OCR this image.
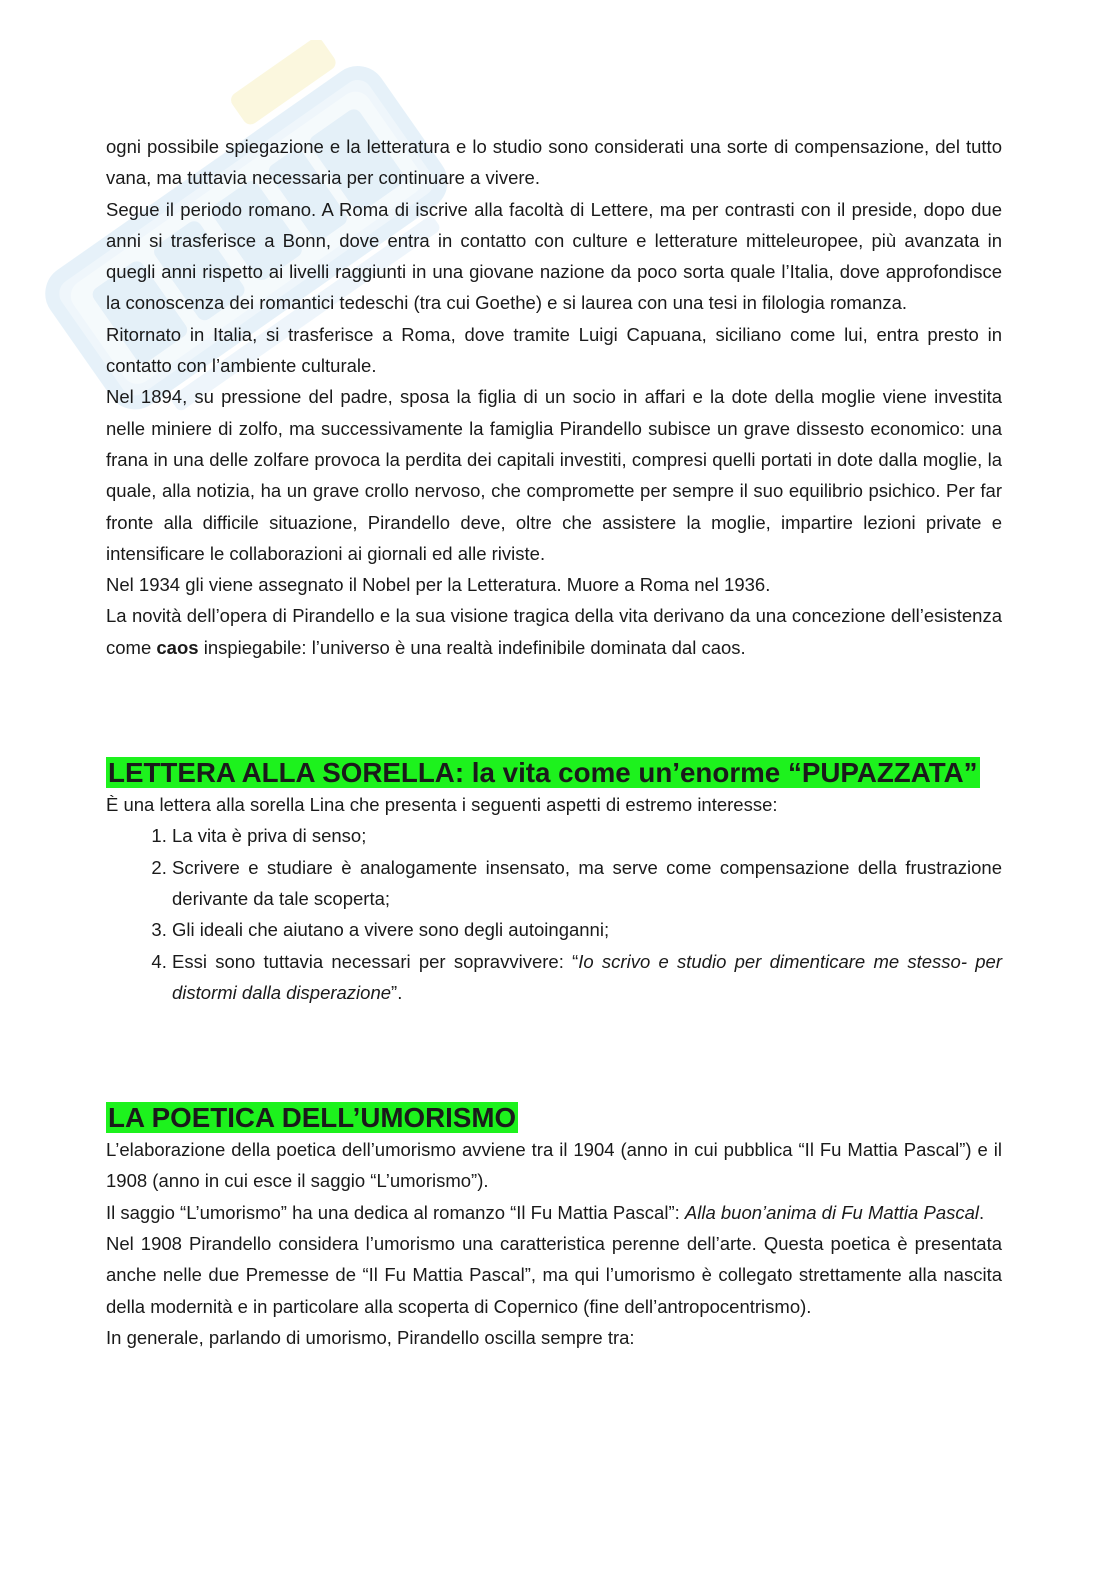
ogni possibile spiegazione e la letteratura e lo studio sono considerati una sorte di compensazione, del tutto vana, ma tuttavia necessaria per continuare a vivere.

Segue il periodo romano. A Roma di iscrive alla facoltà di Lettere, ma per contrasti con il preside, dopo due anni si trasferisce a Bonn, dove entra in contatto con culture e letterature mitteleuropee, più avanzata in quegli anni rispetto ai livelli raggiunti in una giovane nazione da poco sorta quale l’Italia, dove approfondisce la conoscenza dei romantici tedeschi (tra cui Goethe) e si laurea con una tesi in filologia romanza.

Ritornato in Italia, si trasferisce a Roma, dove tramite Luigi Capuana, siciliano come lui, entra presto in contatto con l’ambiente culturale.

Nel 1894, su pressione del padre, sposa la figlia di un socio in affari e la dote della moglie viene investita nelle miniere di zolfo, ma successivamente la famiglia Pirandello subisce un grave dissesto economico: una frana in una delle zolfare provoca la perdita dei capitali investiti, compresi quelli portati in dote dalla moglie, la quale, alla notizia, ha un grave crollo nervoso, che compromette per sempre il suo equilibrio psichico. Per far fronte alla difficile situazione, Pirandello deve, oltre che assistere la moglie, impartire lezioni private e intensificare le collaborazioni ai giornali ed alle riviste.

Nel 1934 gli viene assegnato il Nobel per la Letteratura. Muore a Roma nel 1936.

La novità dell’opera di Pirandello e la sua visione tragica della vita derivano da una concezione dell’esistenza come caos inspiegabile: l’universo è una realtà indefinibile dominata dal caos.

LETTERA ALLA SORELLA: la vita come un’enorme “PUPAZZATA”

È una lettera alla sorella Lina che presenta i seguenti aspetti di estremo interesse:

1. La vita è priva di senso;
2. Scrivere e studiare è analogamente insensato, ma serve come compensazione della frustrazione derivante da tale scoperta;
3. Gli ideali che aiutano a vivere sono degli autoinganni;
4. Essi sono tuttavia necessari per sopravvivere: “Io scrivo e studio per dimenticare me stesso- per distormi dalla disperazione”.
LA POETICA DELL’UMORISMO

L’elaborazione della poetica dell’umorismo avviene tra il 1904 (anno in cui pubblica “Il Fu Mattia Pascal”) e il 1908 (anno in cui esce il saggio “L’umorismo”).

Il saggio “L’umorismo” ha una dedica al romanzo “Il Fu Mattia Pascal”: Alla buon’anima di Fu Mattia Pascal.

Nel 1908 Pirandello considera l’umorismo una caratteristica perenne dell’arte. Questa poetica è presentata anche nelle due Premesse de “Il Fu Mattia Pascal”, ma qui l’umorismo è collegato strettamente alla nascita della modernità e in particolare alla scoperta di Copernico (fine dell’antropocentrismo).

In generale, parlando di umorismo, Pirandello oscilla sempre tra:
